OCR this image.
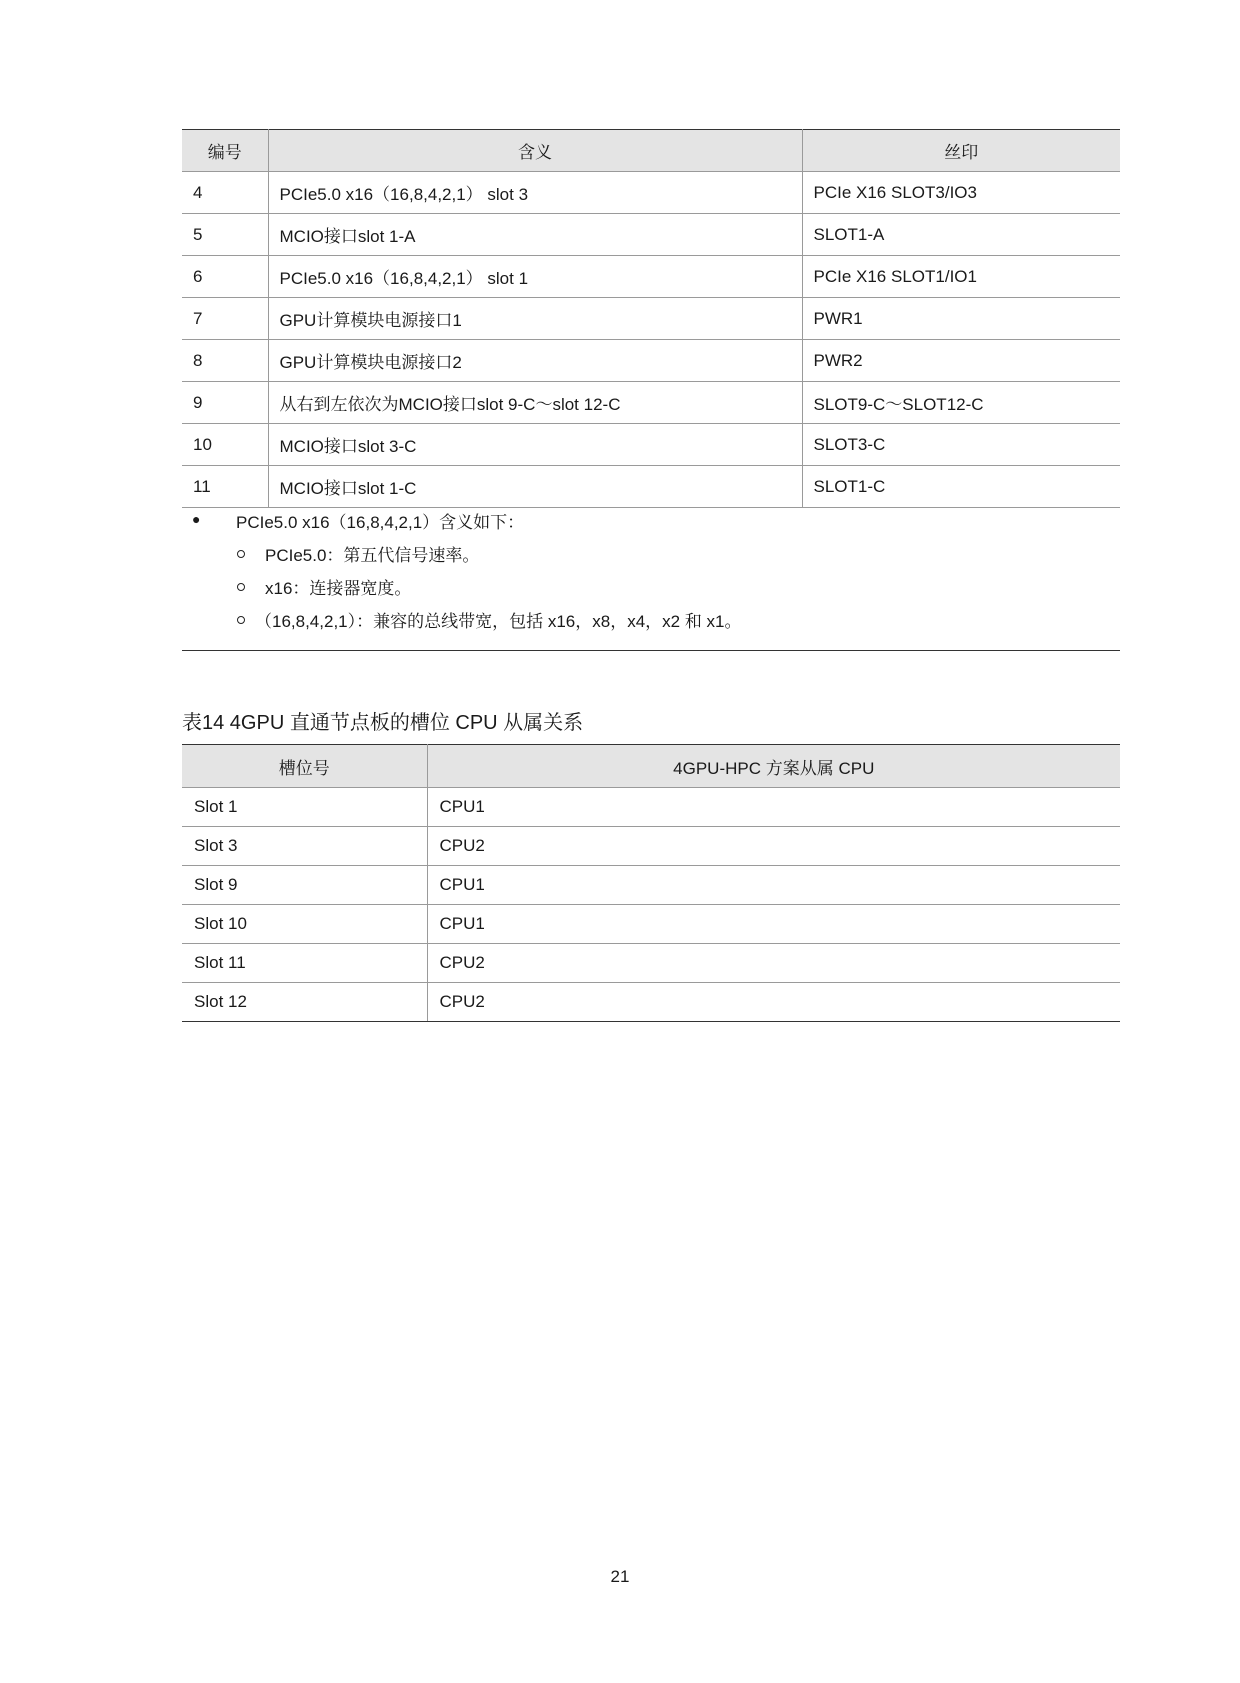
编号	含义	丝印
4	PCIe5.0 x16（16,8,4,2,1） slot 3	PCIe X16 SLOT3/IO3
5	MCIO接口slot 1-A	SLOT1-A
6	PCIe5.0 x16（16,8,4,2,1） slot 1	PCIe X16 SLOT1/IO1
7	GPU计算模块电源接口1	PWR1
8	GPU计算模块电源接口2	PWR2
9	从右到左依次为MCIO接口slot 9-C～slot 12-C	SLOT9-C～SLOT12-C
10	MCIO接口slot 3-C	SLOT3-C
11	MCIO接口slot 1-C	SLOT1-C
● PCIe5.0 x16（16,8,4,2,1）含义如下：
PCIe5.0：第五代信号速率。
x16：连接器宽度。
（16,8,4,2,1）：兼容的总线带宽，包括 x16，x8，x4，x2 和 x1。
表14 4GPU 直通节点板的槽位 CPU 从属关系
槽位号	4GPU-HPC 方案从属 CPU
Slot 1	CPU1
Slot 3	CPU2
Slot 9	CPU1
Slot 10	CPU1
Slot 11	CPU2
Slot 12	CPU2
21
